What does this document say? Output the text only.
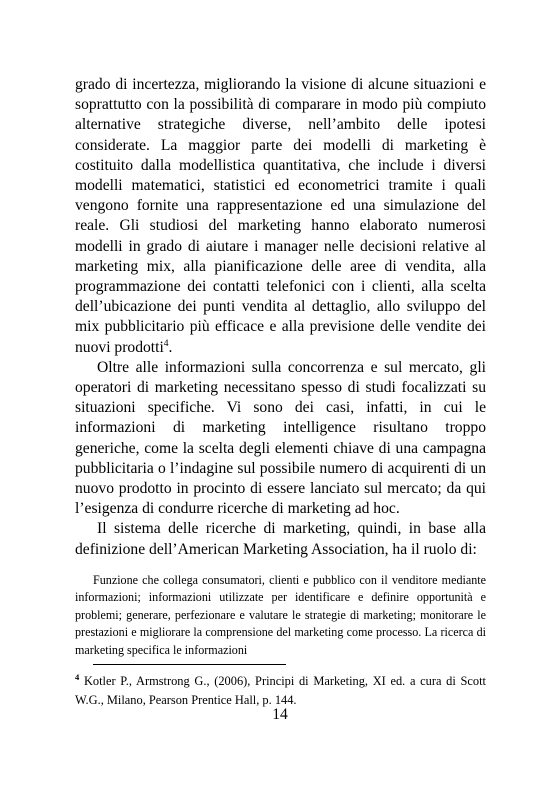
grado di incertezza, migliorando la visione di alcune situazioni e soprattutto con la possibilità di comparare in modo più compiuto alternative strategiche diverse, nell’ambito delle ipotesi considerate. La maggior parte dei modelli di marketing è costituito dalla modellistica quantitativa, che include i diversi modelli matematici, statistici ed econometrici tramite i quali vengono fornite una rappresentazione ed una simulazione del reale. Gli studiosi del marketing hanno elaborato numerosi modelli in grado di aiutare i manager nelle decisioni relative al marketing mix, alla pianificazione delle aree di vendita, alla programmazione dei contatti telefonici con i clienti, alla scelta dell’ubicazione dei punti vendita al dettaglio, allo sviluppo del mix pubblicitario più efficace e alla previsione delle vendite dei nuovi prodotti$^4$.

Oltre alle informazioni sulla concorrenza e sul mercato, gli operatori di marketing necessitano spesso di studi focalizzati su situazioni specifiche. Vi sono dei casi, infatti, in cui le informazioni di marketing intelligence risultano troppo generiche, come la scelta degli elementi chiave di una campagna pubblicitaria o l’indagine sul possibile numero di acquirenti di un nuovo prodotto in procinto di essere lanciato sul mercato; da qui l’esigenza di condurre ricerche di marketing ad hoc.

Il sistema delle ricerche di marketing, quindi, in base alla definizione dell’American Marketing Association, ha il ruolo di:

Funzione che collega consumatori, clienti e pubblico con il venditore mediante informazioni; informazioni utilizzate per identificare e definire opportunità e problemi; generare, perfezionare e valutare le strategie di marketing; monitorare le prestazioni e migliorare la comprensione del marketing come processo. La ricerca di marketing specifica le informazioni

$^4$ Kotler P., Armstrong G., (2006), Principi di Marketing, XI ed. a cura di Scott W.G., Milano, Pearson Prentice Hall, p. 144.

14
